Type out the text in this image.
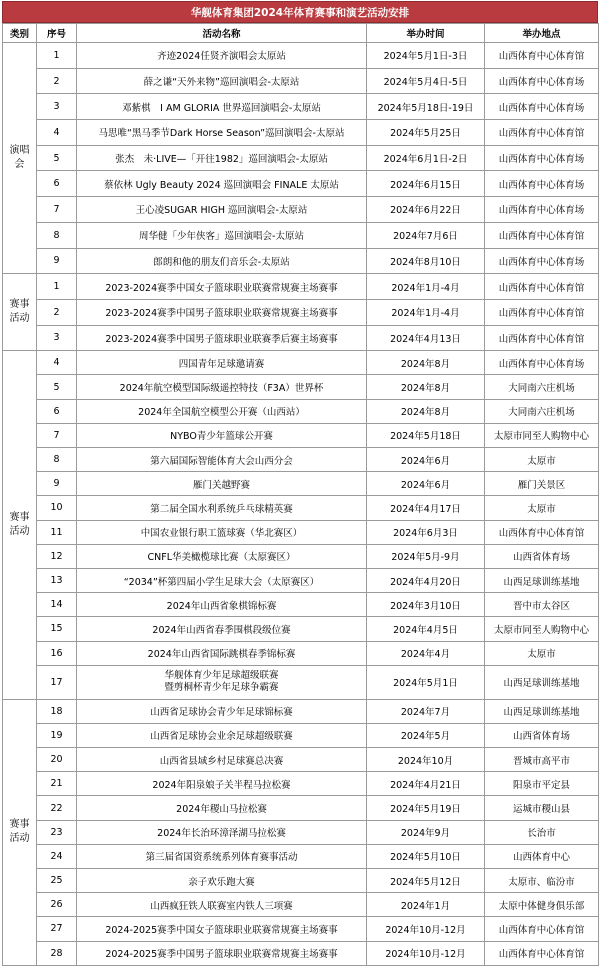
华舰体育集团2024年体育赛事和演艺活动安排
类别	序号	活动名称	举办时间	举办地点
演唱会	1	齐迹2024任贤齐演唱会太原站	2024年5月1日-3日	山西体育中心体育馆
	2	薛之谦“天外来物”巡回演唱会-太原站	2024年5月4日-5日	山西体育中心体育场
	3	邓紫棋　I AM GLORIA 世界巡回演唱会-太原站	2024年5月18日-19日	山西体育中心体育场
	4	马思唯“黑马季节Dark Horse Season”巡回演唱会-太原站	2024年5月25日	山西体育中心体育馆
	5	张杰　未·LIVE—「开往1982」巡回演唱会-太原站	2024年6月1日-2日	山西体育中心体育场
	6	蔡依林 Ugly Beauty 2024 巡回演唱会 FINALE 太原站	2024年6月15日	山西体育中心体育场
	7	王心凌SUGAR HIGH 巡回演唱会-太原站	2024年6月22日	山西体育中心体育场
	8	周华健「少年侠客」巡回演唱会-太原站	2024年7月6日	山西体育中心体育馆
	9	郎朗和他的朋友们音乐会-太原站	2024年8月10日	山西体育中心体育场
赛事活动	1	2023-2024赛季中国女子篮球职业联赛常规赛主场赛事	2024年1月-4月	山西体育中心体育馆
	2	2023-2024赛季中国男子篮球职业联赛常规赛主场赛事	2024年1月-4月	山西体育中心体育馆
	3	2023-2024赛季中国男子篮球职业联赛季后赛主场赛事	2024年4月13日	山西体育中心体育馆
赛事活动	4	四国青年足球邀请赛	2024年8月	山西体育中心体育场
	5	2024年航空模型国际级遥控特技（F3A）世界杯	2024年8月	大同南六庄机场
	6	2024年全国航空模型公开赛（山西站）	2024年8月	大同南六庄机场
	7	NYBO青少年篮球公开赛	2024年5月18日	太原市同至人购物中心
	8	第六届国际智能体育大会山西分会	2024年6月	太原市
	9	雁门关越野赛	2024年6月	雁门关景区
	10	第二届全国水利系统乒乓球精英赛	2024年4月17日	太原市
	11	中国农业银行职工篮球赛（华北赛区）	2024年6月3日	山西体育中心体育馆
	12	CNFL华美橄榄球比赛（太原赛区）	2024年5月-9月	山西省体育场
	13	“2034”杯第四届小学生足球大会（太原赛区）	2024年4月20日	山西足球训练基地
	14	2024年山西省象棋锦标赛	2024年3月10日	晋中市太谷区
	15	2024年山西省春季围棋段级位赛	2024年4月5日	太原市同至人购物中心
	16	2024年山西省国际跳棋春季锦标赛	2024年4月	太原市
	17	华舰体育少年足球超级联赛
暨剪桐杯青少年足球争霸赛	2024年5月1日	山西足球训练基地
赛事活动	18	山西省足球协会青少年足球锦标赛	2024年7月	山西足球训练基地
	19	山西省足球协会业余足球超级联赛	2024年5月	山西省体育场
	20	山西省县域乡村足球赛总决赛	2024年10月	晋城市高平市
	21	2024年阳泉娘子关半程马拉松赛	2024年4月21日	阳泉市平定县
	22	2024年稷山马拉松赛	2024年5月19日	运城市稷山县
	23	2024年长治环漳泽湖马拉松赛	2024年9月	长治市
	24	第三届省国资系统系列体育赛事活动	2024年5月10日	山西体育中心
	25	亲子欢乐跑大赛	2024年5月12日	太原市、临汾市
	26	山西疯狂铁人联赛室内铁人三项赛	2024年1月	太原中体健身俱乐部
	27	2024-2025赛季中国女子篮球职业联赛常规赛主场赛事	2024年10月-12月	山西体育中心体育馆
	28	2024-2025赛季中国男子篮球职业联赛常规赛主场赛事	2024年10月-12月	山西体育中心体育馆
